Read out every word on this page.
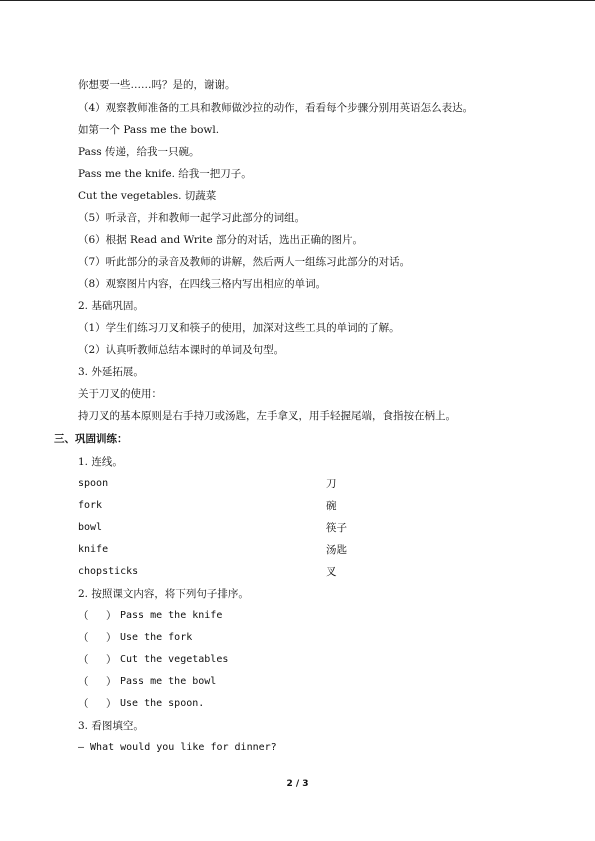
你想要一些……吗？是的，谢谢。
（4）观察教师准备的工具和教师做沙拉的动作，看看每个步骤分别用英语怎么表达。
如第一个 Pass me the bowl.
Pass 传递，给我一只碗。
Pass me the knife. 给我一把刀子。
Cut the vegetables. 切蔬菜
（5）听录音，并和教师一起学习此部分的词组。
（6）根据 Read and Write 部分的对话，选出正确的图片。
（7）听此部分的录音及教师的讲解，然后两人一组练习此部分的对话。
（8）观察图片内容，在四线三格内写出相应的单词。
2. 基础巩固。
（1）学生们练习刀叉和筷子的使用，加深对这些工具的单词的了解。
（2）认真听教师总结本课时的单词及句型。
3. 外延拓展。
关于刀叉的使用：
持刀叉的基本原则是右手持刀或汤匙，左手拿叉，用手轻握尾端，食指按在柄上。
三、巩固训练：
1. 连线。
spoon	刀
fork	碗
bowl	筷子
knife	汤匙
chopsticks	叉
2. 按照课文内容，将下列句子排序。
（ ） Pass me the knife
（ ） Use the fork
（ ） Cut the vegetables
（ ） Pass me the bowl
（ ） Use the spoon.
3. 看图填空。
— What would you like for dinner?
2 / 3
